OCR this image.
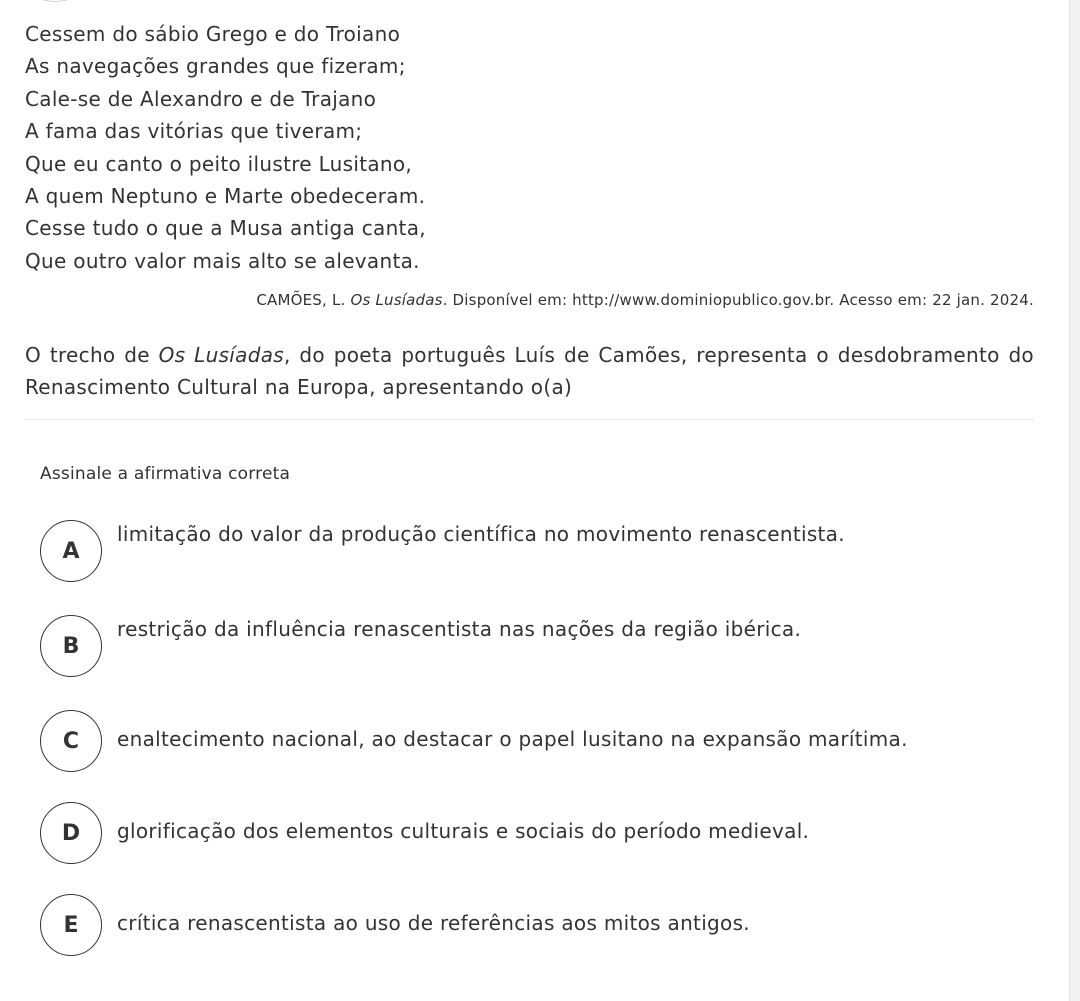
Cessem do sábio Grego e do Troiano
As navegações grandes que fizeram;
Cale-se de Alexandro e de Trajano
A fama das vitórias que tiveram;
Que eu canto o peito ilustre Lusitano,
A quem Neptuno e Marte obedeceram.
Cesse tudo o que a Musa antiga canta,
Que outro valor mais alto se alevanta.
CAMÕES, L. Os Lusíadas. Disponível em: http://www.dominiopublico.gov.br. Acesso em: 22 jan. 2024.
O trecho de Os Lusíadas, do poeta português Luís de Camões, representa o desdobramento do Renascimento Cultural na Europa, apresentando o(a)
Assinale a afirmativa correta
A
limitação do valor da produção científica no movimento renascentista.
B
restrição da influência renascentista nas nações da região ibérica.
C	enaltecimento nacional, ao destacar o papel lusitano na expansão marítima.
D	glorificação dos elementos culturais e sociais do período medieval.
E	crítica renascentista ao uso de referências aos mitos antigos.
